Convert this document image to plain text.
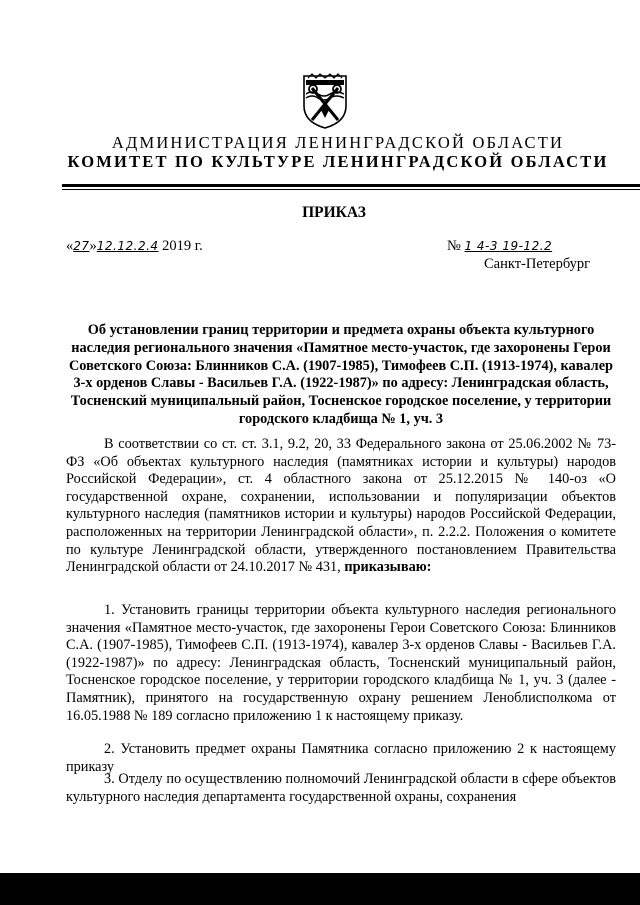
АДМИНИСТРАЦИЯ ЛЕНИНГРАДСКОЙ ОБЛАСТИ
КОМИТЕТ ПО КУЛЬТУРЕ ЛЕНИНГРАДСКОЙ ОБЛАСТИ
ПРИКАЗ
«27»12.12.2.4 2019 г.	№ 1 4-3 19-12.2
Санкт-Петербург
Об установлении границ территории и предмета охраны объекта культурного наследия регионального значения «Памятное место-участок, где захоронены Герои Советского Союза: Блинников С.А. (1907-1985), Тимофеев С.П. (1913-1974), кавалер 3-х орденов Славы - Васильев Г.А. (1922-1987)» по адресу: Ленинградская область, Тосненский муниципальный район, Тосненское городское поселение, у территории городского кладбища № 1, уч. 3
В соответствии со ст. ст. 3.1, 9.2, 20, 33 Федерального закона от 25.06.2002 № 73-ФЗ «Об объектах культурного наследия (памятниках истории и культуры) народов Российской Федерации», ст. 4 областного закона от 25.12.2015 № 140-оз «О государственной охране, сохранении, использовании и популяризации объектов культурного наследия (памятников истории и культуры) народов Российской Федерации, расположенных на территории Ленинградской области», п. 2.2.2. Положения о комитете по культуре Ленинградской области, утвержденного постановлением Правительства Ленинградской области от 24.10.2017 № 431, приказываю:
1. Установить границы территории объекта культурного наследия регионального значения «Памятное место-участок, где захоронены Герои Советского Союза: Блинников С.А. (1907-1985), Тимофеев С.П. (1913-1974), кавалер 3-х орденов Славы - Васильев Г.А. (1922-1987)» по адресу: Ленинградская область, Тосненский муниципальный район, Тосненское городское поселение, у территории городского кладбища № 1, уч. 3 (далее - Памятник), принятого на государственную охрану решением Леноблисполкома от 16.05.1988 № 189 согласно приложению 1 к настоящему приказу.
2. Установить предмет охраны Памятника согласно приложению 2 к настоящему приказу
3. Отделу по осуществлению полномочий Ленинградской области в сфере объектов культурного наследия департамента государственной охраны, сохранения
